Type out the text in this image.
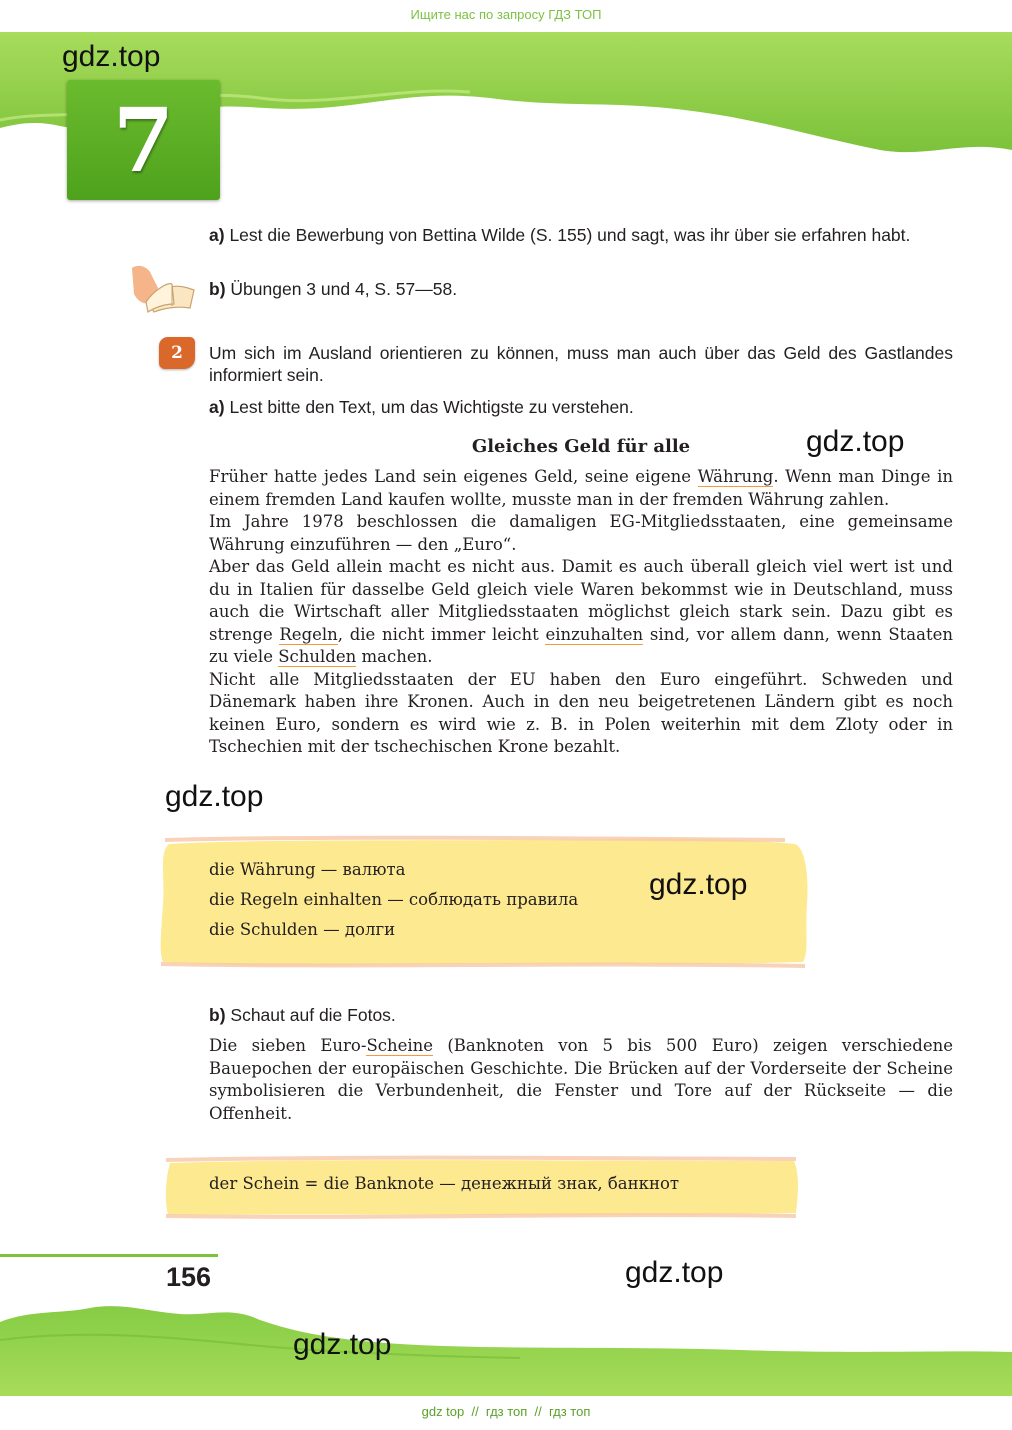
Ищите нас по запросу ГДЗ ТОП
gdz.top
7
a) Lest die Bewerbung von Bettina Wilde (S. 155) und sagt, was ihr über sie erfahren habt.
b) Übungen 3 und 4, S. 57—58.
2	Um sich im Ausland orientieren zu können, muss man auch über das Geld des Gastlandes informiert sein.
a) Lest bitte den Text, um das Wichtigste zu verstehen.
Gleiches Geld für alle	gdz.top
Früher hatte jedes Land sein eigenes Geld, seine eigene Währung. Wenn man Dinge in einem fremden Land kaufen wollte, musste man in der fremden Währung zahlen.
Im Jahre 1978 beschlossen die damaligen EG-Mitgliedsstaaten, eine gemeinsame Währung einzuführen — den „Euro“.
Aber das Geld allein macht es nicht aus. Damit es auch überall gleich viel wert ist und du in Italien für dasselbe Geld gleich viele Waren bekommst wie in Deutschland, muss auch die Wirtschaft aller Mitgliedsstaaten möglichst gleich stark sein. Dazu gibt es strenge Regeln, die nicht immer leicht einzuhalten sind, vor allem dann, wenn Staaten zu viele Schulden machen.
Nicht alle Mitgliedsstaaten der EU haben den Euro eingeführt. Schweden und Dänemark haben ihre Kronen. Auch in den neu beigetretenen Ländern gibt es noch keinen Euro, sondern es wird wie z. B. in Polen weiterhin mit dem Zloty oder in Tschechien mit der tschechischen Krone bezahlt.
gdz.top
die Währung — валюта
die Regeln einhalten — соблюдать правила
die Schulden — долги
gdz.top
b) Schaut auf die Fotos.
Die sieben Euro-Scheine (Banknoten von 5 bis 500 Euro) zeigen verschiedene Bauepochen der europäischen Geschichte. Die Brücken auf der Vorderseite der Scheine symbolisieren die Verbundenheit, die Fenster und Tore auf der Rückseite — die Offenheit.
der Schein = die Banknote — денежный знак, банкнот
156	gdz.top
gdz.top
gdz top  //  гдз топ  //  гдз топ
